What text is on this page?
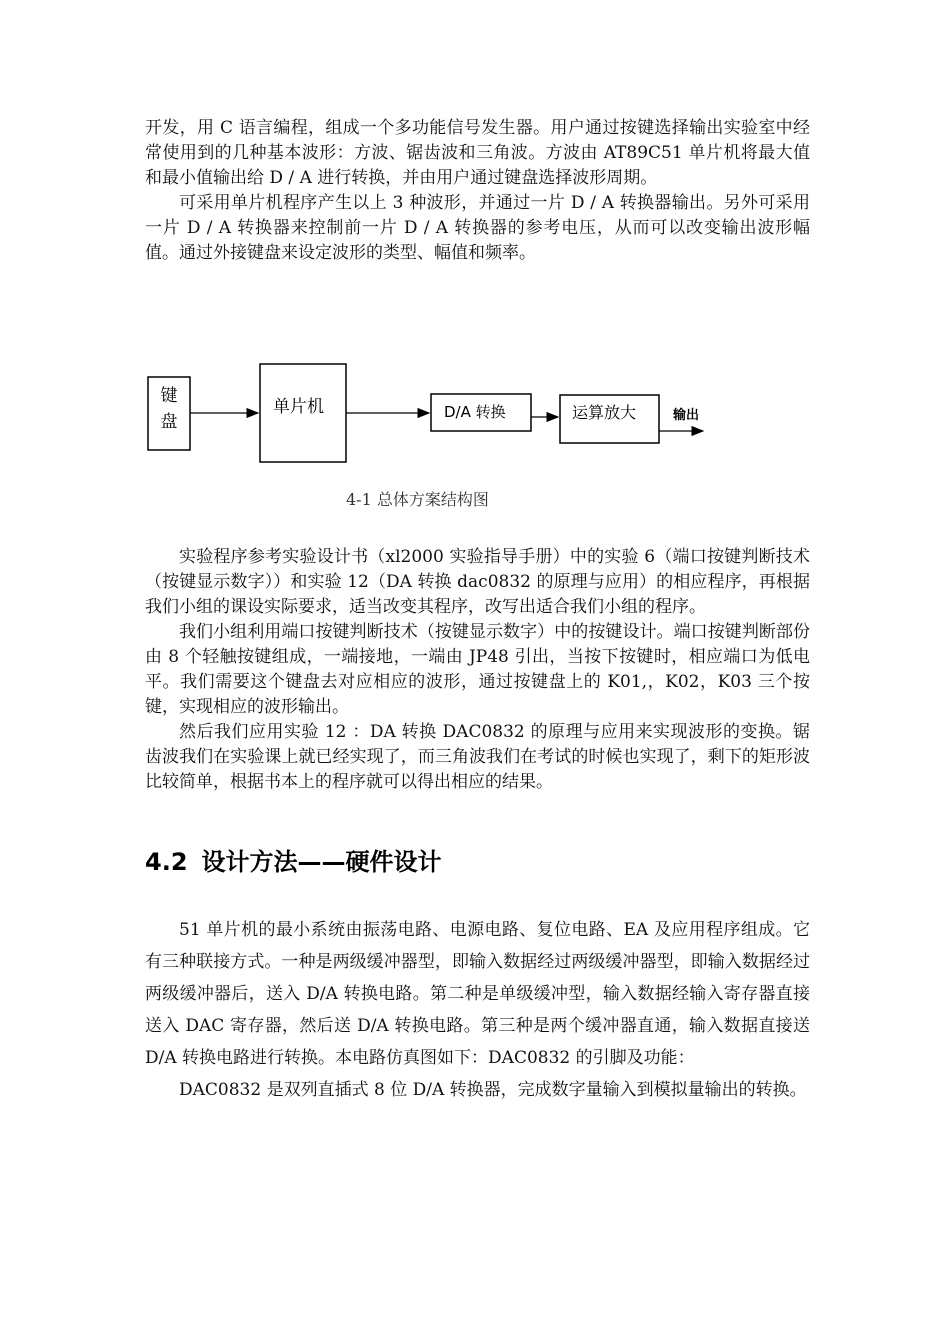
开发，用 C 语言编程，组成一个多功能信号发生器。用户通过按键选择输出实验室中经常使用到的几种基本波形：方波、锯齿波和三角波。方波由 AT89C51 单片机将最大值和最小值输出给 D / A 进行转换，并由用户通过键盘选择波形周期。

可采用单片机程序产生以上 3 种波形，并通过一片 D / A 转换器输出。另外可采用一片 D / A 转换器来控制前一片 D / A 转换器的参考电压，从而可以改变输出波形幅值。通过外接键盘来设定波形的类型、幅值和频率。

键
盘
单片机	D/A 转换	运算放大	输出
4-1 总体方案结构图

实验程序参考实验设计书（xl2000 实验指导手册）中的实验 6（端口按键判断技术（按键显示数字））和实验 12（DA 转换 dac0832 的原理与应用）的相应程序，再根据我们小组的课设实际要求，适当改变其程序，改写出适合我们小组的程序。

我们小组利用端口按键判断技术（按键显示数字）中的按键设计。端口按键判断部份由 8 个轻触按键组成，一端接地，一端由 JP48 引出，当按下按键时，相应端口为低电平。我们需要这个键盘去对应相应的波形，通过按键盘上的 K01,，K02，K03 三个按键，实现相应的波形输出。

然后我们应用实验 12 ：DA 转换 DAC0832 的原理与应用来实现波形的变换。锯齿波我们在实验课上就已经实现了，而三角波我们在考试的时候也实现了，剩下的矩形波比较简单，根据书本上的程序就可以得出相应的结果。

4.2 设计方法——硬件设计

51 单片机的最小系统由振荡电路、电源电路、复位电路、EA 及应用程序组成。它有三种联接方式。一种是两级缓冲器型，即输入数据经过两级缓冲器型，即输入数据经过两级缓冲器后，送入 D/A 转换电路。第二种是单级缓冲型，输入数据经输入寄存器直接送入 DAC 寄存器，然后送 D/A 转换电路。第三种是两个缓冲器直通，输入数据直接送 D/A 转换电路进行转换。本电路仿真图如下：DAC0832 的引脚及功能：

DAC0832 是双列直插式 8 位 D/A 转换器，完成数字量输入到模拟量输出的转换。
